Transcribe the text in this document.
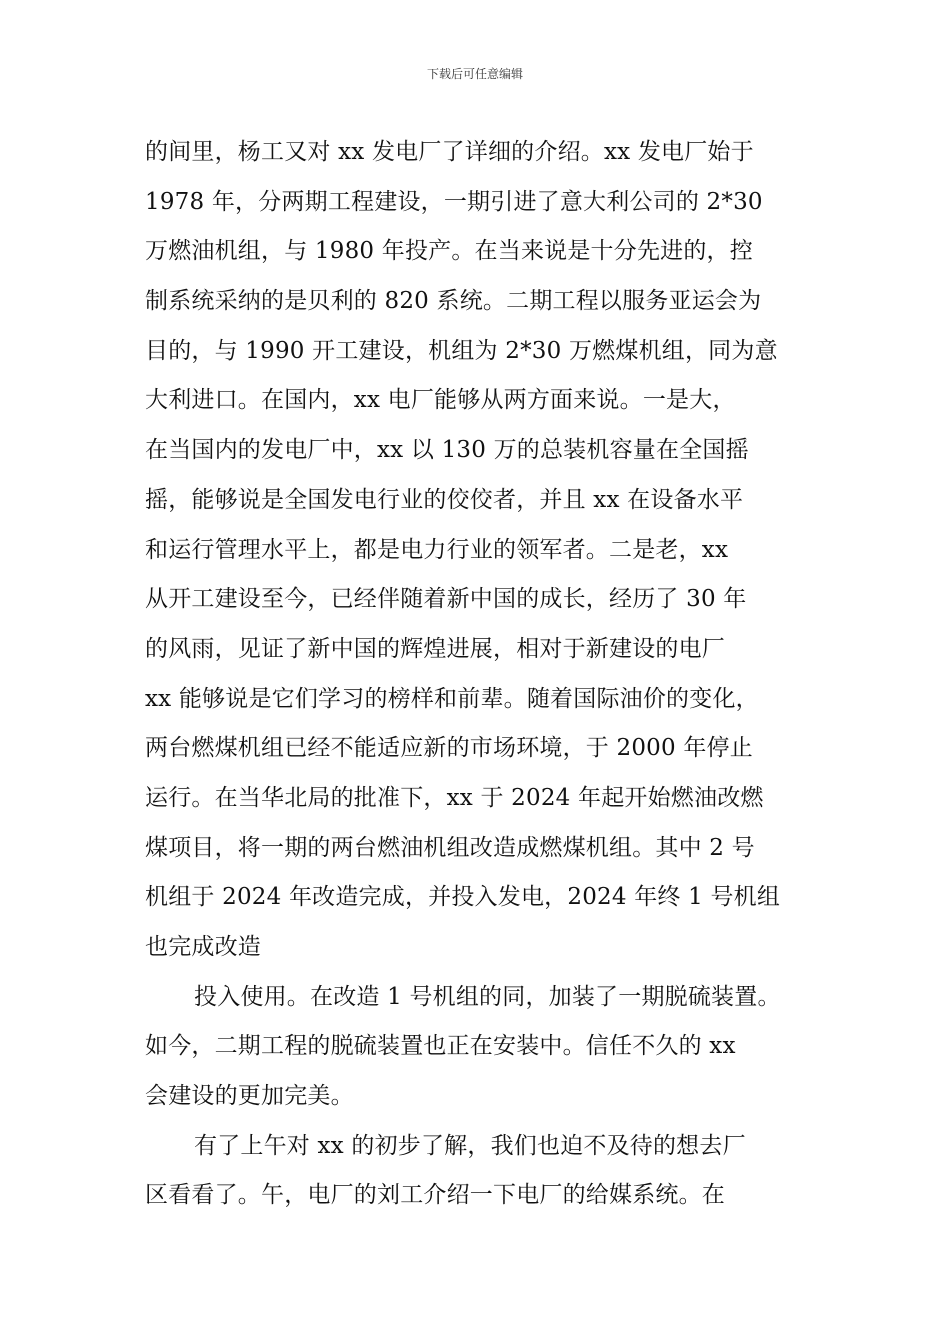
下载后可任意编辑
的间里，杨工又对 xx 发电厂了详细的介绍。xx 发电厂始于
1978 年，分两期工程建设，一期引进了意大利公司的 2*30
万燃油机组，与 1980 年投产。在当来说是十分先进的，控
制系统采纳的是贝利的 820 系统。二期工程以服务亚运会为
目的，与 1990 开工建设，机组为 2*30 万燃煤机组，同为意
大利进口。在国内，xx 电厂能够从两方面来说。一是大，
在当国内的发电厂中，xx 以 130 万的总装机容量在全国摇
摇，能够说是全国发电行业的佼佼者，并且 xx 在设备水平
和运行管理水平上，都是电力行业的领军者。二是老，xx
从开工建设至今，已经伴随着新中国的成长，经历了 30 年
的风雨，见证了新中国的辉煌进展，相对于新建设的电厂
xx 能够说是它们学习的榜样和前辈。随着国际油价的变化，
两台燃煤机组已经不能适应新的市场环境，于 2000 年停止
运行。在当华北局的批准下，xx 于 2024 年起开始燃油改燃
煤项目，将一期的两台燃油机组改造成燃煤机组。其中 2 号
机组于 2024 年改造完成，并投入发电，2024 年终 1 号机组
也完成改造
投入使用。在改造 1 号机组的同，加装了一期脱硫装置。
如今，二期工程的脱硫装置也正在安装中。信任不久的 xx
会建设的更加完美。
有了上午对 xx 的初步了解，我们也迫不及待的想去厂
区看看了。午，电厂的刘工介绍一下电厂的给媒系统。在
